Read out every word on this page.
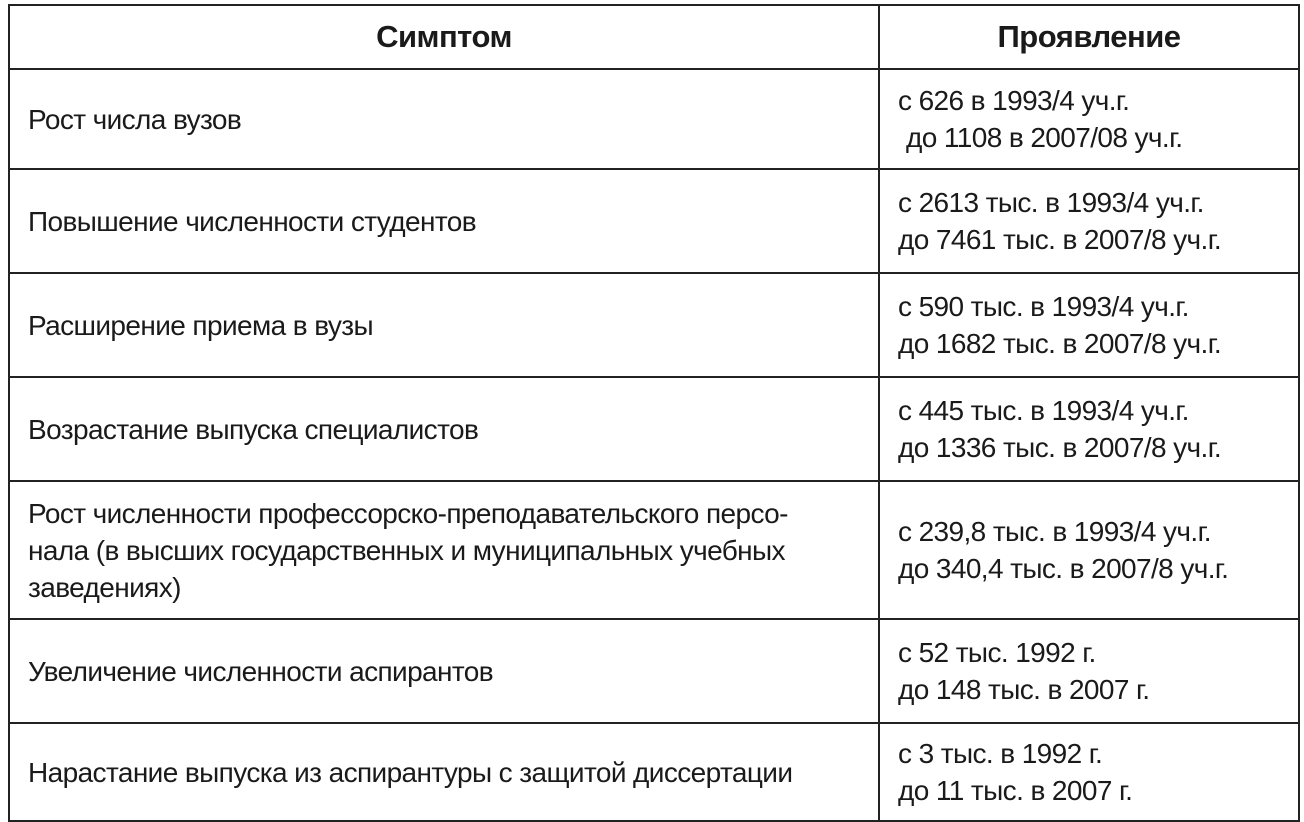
Симптом	Проявление

Рост числа вузов	с 626 в 1993/4 уч.г.
до 1108 в 2007/08 уч.г.

Повышение численности студентов	с 2613 тыс. в 1993/4 уч.г.
до 7461 тыс. в 2007/8 уч.г.

Расширение приема в вузы	с 590 тыс. в 1993/4 уч.г.
до 1682 тыс. в 2007/8 уч.г.

Возрастание выпуска специалистов	с 445 тыс. в 1993/4 уч.г.
до 1336 тыс. в 2007/8 уч.г.

Рост численности профессорско-преподавательского персо-
нала (в высших государственных и муниципальных учебных
заведениях)	с 239,8 тыс. в 1993/4 уч.г.
до 340,4 тыс. в 2007/8 уч.г.

Увеличение численности аспирантов	с 52 тыс. 1992 г.
до 148 тыс. в 2007 г.

Нарастание выпуска из аспирантуры с защитой диссертации	с 3 тыс. в 1992 г.
до 11 тыс. в 2007 г.
